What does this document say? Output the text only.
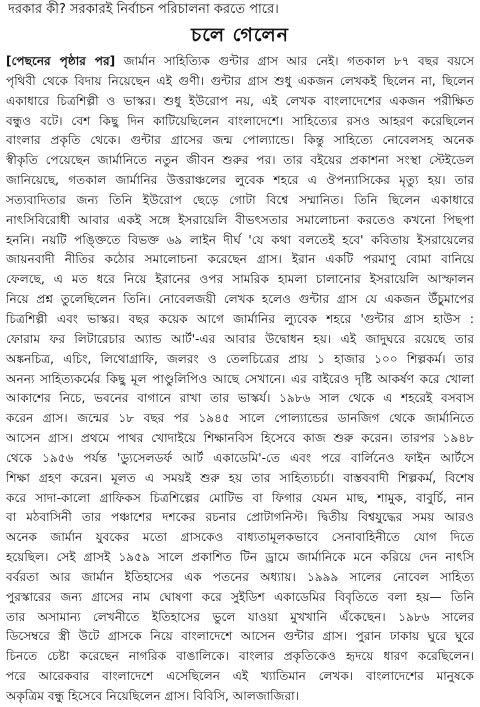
দরকার কী? সরকারই নির্বাচন পরিচালনা করতে পারে।
চলে গেলেন
[পেছনের পৃষ্ঠার পর] জার্মান সাহিত্যিক গুন্টার গ্রাস আর নেই। গতকাল ৮৭ বছর বয়সে
পৃথিবী থেকে বিদায় নিয়েছেন এই গুণী। গুন্টার গ্রাস শুধু একজন লেখকই ছিলেন না, ছিলেন
একাধারে চিত্রশিল্পী ও ভাস্কর। শুধু ইউরোপ নয়, এই লেখক বাংলাদেশের একজন পরীক্ষিত
বন্ধুও বটে। বেশ কিছু দিন কাটিয়েছিলেন বাংলাদেশে। সাহিত্যের রসও আহরণ করেছিলেন
বাংলার প্রকৃতি থেকে। গুন্টার গ্রাসের জন্ম পোল্যান্ডে। কিন্তু সাহিত্যে নোবেলসহ অনেক
স্বীকৃতি পেয়েছেন জার্মানিতে নতুন জীবন শুরুর পর। তার বইয়ের প্রকাশনা সংস্থা স্টেইডেল
জানিয়েছে, গতকাল জার্মানির উত্তরাঞ্চলের লুবেক শহরে এ ঔপন্যাসিকের মৃত্যু হয়। তার
সত্যবাদিতার জন্য তিনি ইউরোপ ছেড়ে গোটা বিশ্বে সম্মানিত। তিনি ছিলেন একাধারে
নাৎসিবিরোধী আবার একই সঙ্গে ইসরায়েলি বীভৎসতার সমালোচনা করতেও কখনো পিছপা
হননি। নয়টি পঙ্ক্তিতে বিভক্ত ৬৯ লাইন দীর্ঘ 'যে কথা বলতেই হবে' কবিতায় ইসরায়েলের
জায়নবাদী নীতির কঠোর সমালোচনা করেছেন গ্রাস। ইরান একটি পরমাণু বোমা বানিয়ে
ফেলছে, এ মত ধরে নিয়ে ইরানের ওপর সামরিক হামলা চালানোর ইসরায়েলি আস্ফালন
নিয়ে প্রশ্ন তুলেছিলেন তিনি। নোবেলজয়ী লেখক হলেও গুন্টার গ্রাস যে একজন উঁচুমাপের
চিত্রশিল্পী এবং ভাস্কর। বছর কয়েক আগে জার্মানির ল্যুবেক শহরে 'গুন্টার গ্রাস হাউস :
ফোরাম ফর লিটারেচার অ্যান্ড আর্ট'-এর আবার উদ্বোধন হয়। এই জাদুঘরে রয়েছে তার
অঙ্কনচিত্র, এচিং, লিথোগ্রাফি, জলরং ও তেলচিত্রের প্রায় ১ হাজার ১০০ শিল্পকর্ম। তার
অনন্য সাহিত্যকর্মের কিছু মূল পাণ্ডুলিপিও আছে সেখানে। এর বাইরেও দৃষ্টি আকর্ষণ করে খোলা
আকাশের নিচে, ভবনের বাগানে রাখা তার ভাস্কর্য। ১৯৮৬ সাল থেকে এ শহরেই বসবাস
করেন গ্রাস। জন্মের ১৮ বছর পর ১৯৪৫ সালে পোল্যান্ডের ডানজিগ থেকে জার্মানিতে
আসেন গ্রাস। প্রথমে পাথর খোদাইয়ে শিক্ষানবিস হিসেবে কাজ শুরু করেন। তারপর ১৯৪৮
থেকে ১৯৫৬ পর্যন্ত 'ড্যুসেলডর্ফ আর্ট একাডেমি'-তে এবং পরে বার্লিনেও ফাইন আর্টসে
শিক্ষা গ্রহণ করেন। মূলত এ সময়ই শুরু হয় তার সাহিত্যচর্চা। বাস্তববাদী শিল্পকর্ম, বিশেষ
করে সাদা-কালো গ্রাফিকস চিত্রশিল্পের মোটিভ বা ফিগার যেমন মাছ, শামুক, বাবুর্চি, নান
বা মঠবাসিনী তার পঞ্চাশের দশকের রচনার প্রোটাগনিস্ট। দ্বিতীয় বিশ্বযুদ্ধের সময় আরও
অনেক জার্মান যুবকের মতো গ্রাসকেও বাধ্যতামূলকভাবে সেনাবাহিনীতে যোগ দিতে
হয়েছিল। সেই গ্রাসই ১৯৫৯ সালে প্রকাশিত টিন ড্রামে জার্মানিকে মনে করিয়ে দেন নাৎসি
বর্বরতা আর জার্মান ইতিহাসের এক পতনের অধ্যায়। ১৯৯৯ সালের নোবেল সাহিত্য
পুরস্কারের জন্য গ্রাসের নাম ঘোষণা করে সুইডিশ একাডেমির বিবৃতিতে বলা হয়— তিনি
তার অসামান্য লেখনীতে ইতিহাসের ভুলে যাওয়া মুখখানি এঁকেছেন। ১৯৮৬ সালের
ডিসেম্বরে স্ত্রী উটে গ্রাসকে নিয়ে বাংলাদেশে আসেন গুন্টার গ্রাস। পুরান ঢাকায় ঘুরে ঘুরে
চিনতে চেষ্টা করেছেন নাগরিক বাঙালিকে। বাংলার প্রকৃতিকেও হৃদয়ে ধারণ করেছিলেন।
পরে আরেকবার বাংলাদেশে এসেছিলেন এই খ্যাতিমান লেখক। বাংলাদেশের মানুষকে
অকৃত্রিম বন্ধু হিসেবে নিয়েছিলেন গ্রাস। বিবিসি, আলজাজিরা।
